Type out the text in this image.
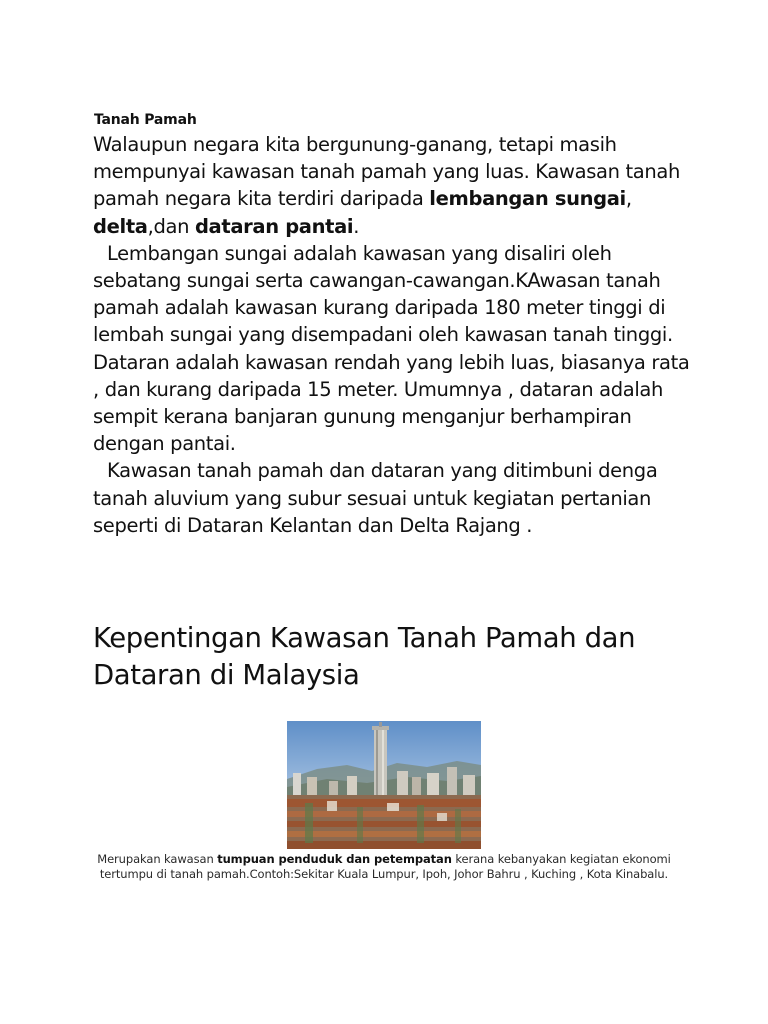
Tanah Pamah

Walaupun negara kita bergunung-ganang, tetapi masih mempunyai kawasan tanah pamah yang luas. Kawasan tanah pamah negara kita terdiri daripada lembangan sungai, delta,dan dataran pantai.

Lembangan sungai adalah kawasan yang disaliri oleh sebatang sungai serta cawangan-cawangan.KAwasan tanah pamah adalah kawasan kurang daripada 180 meter tinggi di lembah sungai yang disempadani oleh kawasan tanah tinggi. Dataran adalah kawasan rendah yang lebih luas, biasanya rata , dan kurang daripada 15 meter. Umumnya , dataran adalah sempit kerana banjaran gunung menganjur berhampiran dengan pantai.

Kawasan tanah pamah dan dataran yang ditimbuni denga tanah aluvium yang subur sesuai untuk kegiatan pertanian seperti di Dataran Kelantan dan Delta Rajang .

Kepentingan Kawasan Tanah Pamah dan Dataran di Malaysia
Merupakan kawasan tumpuan penduduk dan petempatan kerana kebanyakan kegiatan ekonomi tertumpu di tanah pamah.Contoh:Sekitar Kuala Lumpur, Ipoh, Johor Bahru , Kuching , Kota Kinabalu.
